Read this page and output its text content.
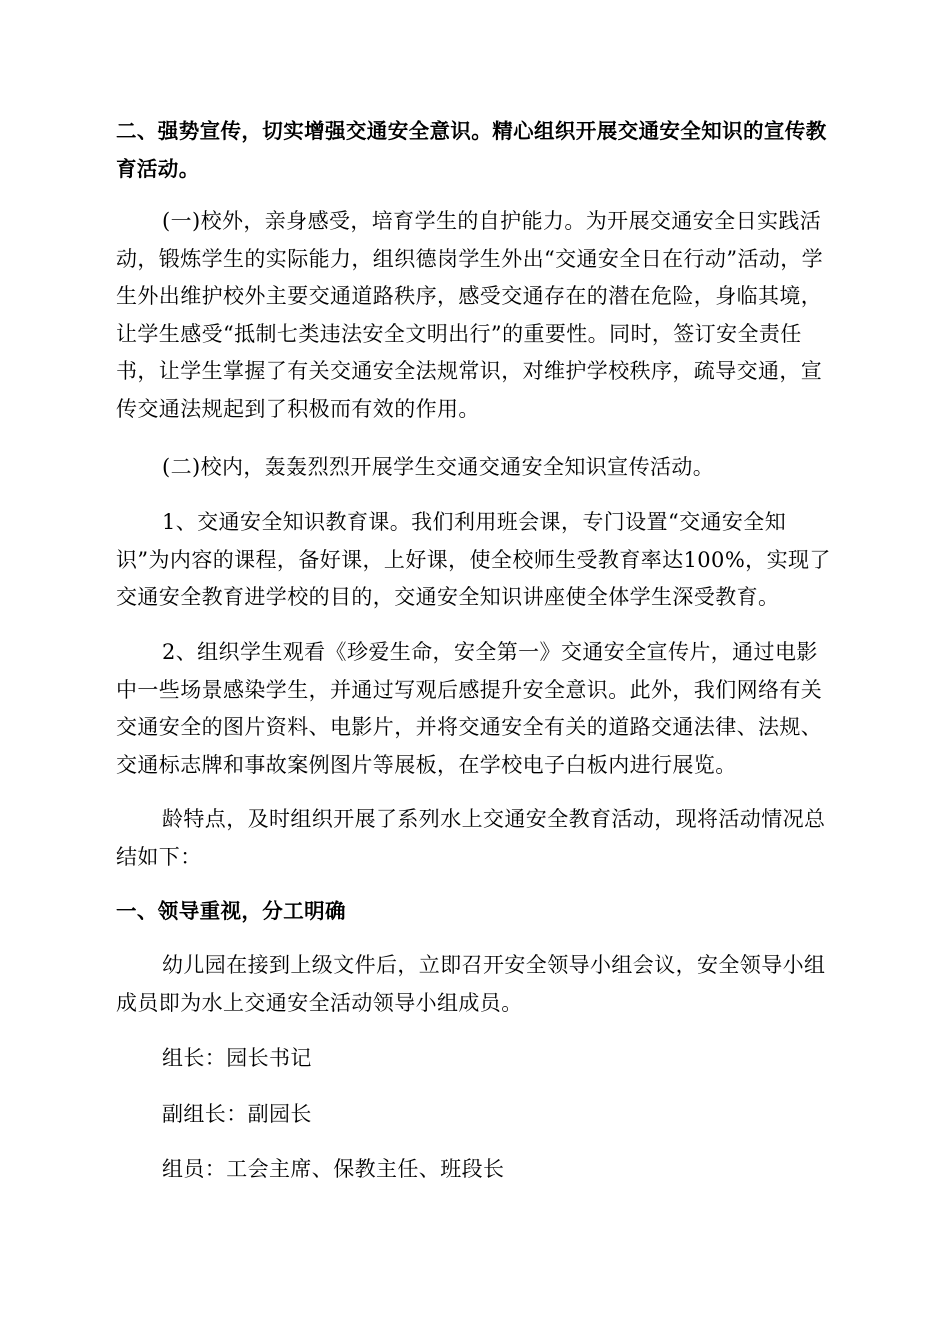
二、强势宣传，切实增强交通安全意识。精心组织开展交通安全知识的宣传教育活动。

(一)校外，亲身感受，培育学生的自护能力。为开展交通安全日实践活动，锻炼学生的实际能力，组织德岗学生外出“交通安全日在行动”活动，学生外出维护校外主要交通道路秩序，感受交通存在的潜在危险，身临其境，让学生感受“抵制七类违法安全文明出行”的重要性。同时，签订安全责任书，让学生掌握了有关交通安全法规常识，对维护学校秩序，疏导交通，宣传交通法规起到了积极而有效的作用。

(二)校内，轰轰烈烈开展学生交通交通安全知识宣传活动。

1、交通安全知识教育课。我们利用班会课，专门设置“交通安全知识”为内容的课程，备好课，上好课，使全校师生受教育率达100%，实现了交通安全教育进学校的目的，交通安全知识讲座使全体学生深受教育。

2、组织学生观看《珍爱生命，安全第一》交通安全宣传片，通过电影中一些场景感染学生，并通过写观后感提升安全意识。此外，我们网络有关交通安全的图片资料、电影片，并将交通安全有关的道路交通法律、法规、交通标志牌和事故案例图片等展板，在学校电子白板内进行展览。

龄特点，及时组织开展了系列水上交通安全教育活动，现将活动情况总结如下：

一、领导重视，分工明确

幼儿园在接到上级文件后，立即召开安全领导小组会议，安全领导小组成员即为水上交通安全活动领导小组成员。

组长：园长书记

副组长：副园长

组员：工会主席、保教主任、班段长
